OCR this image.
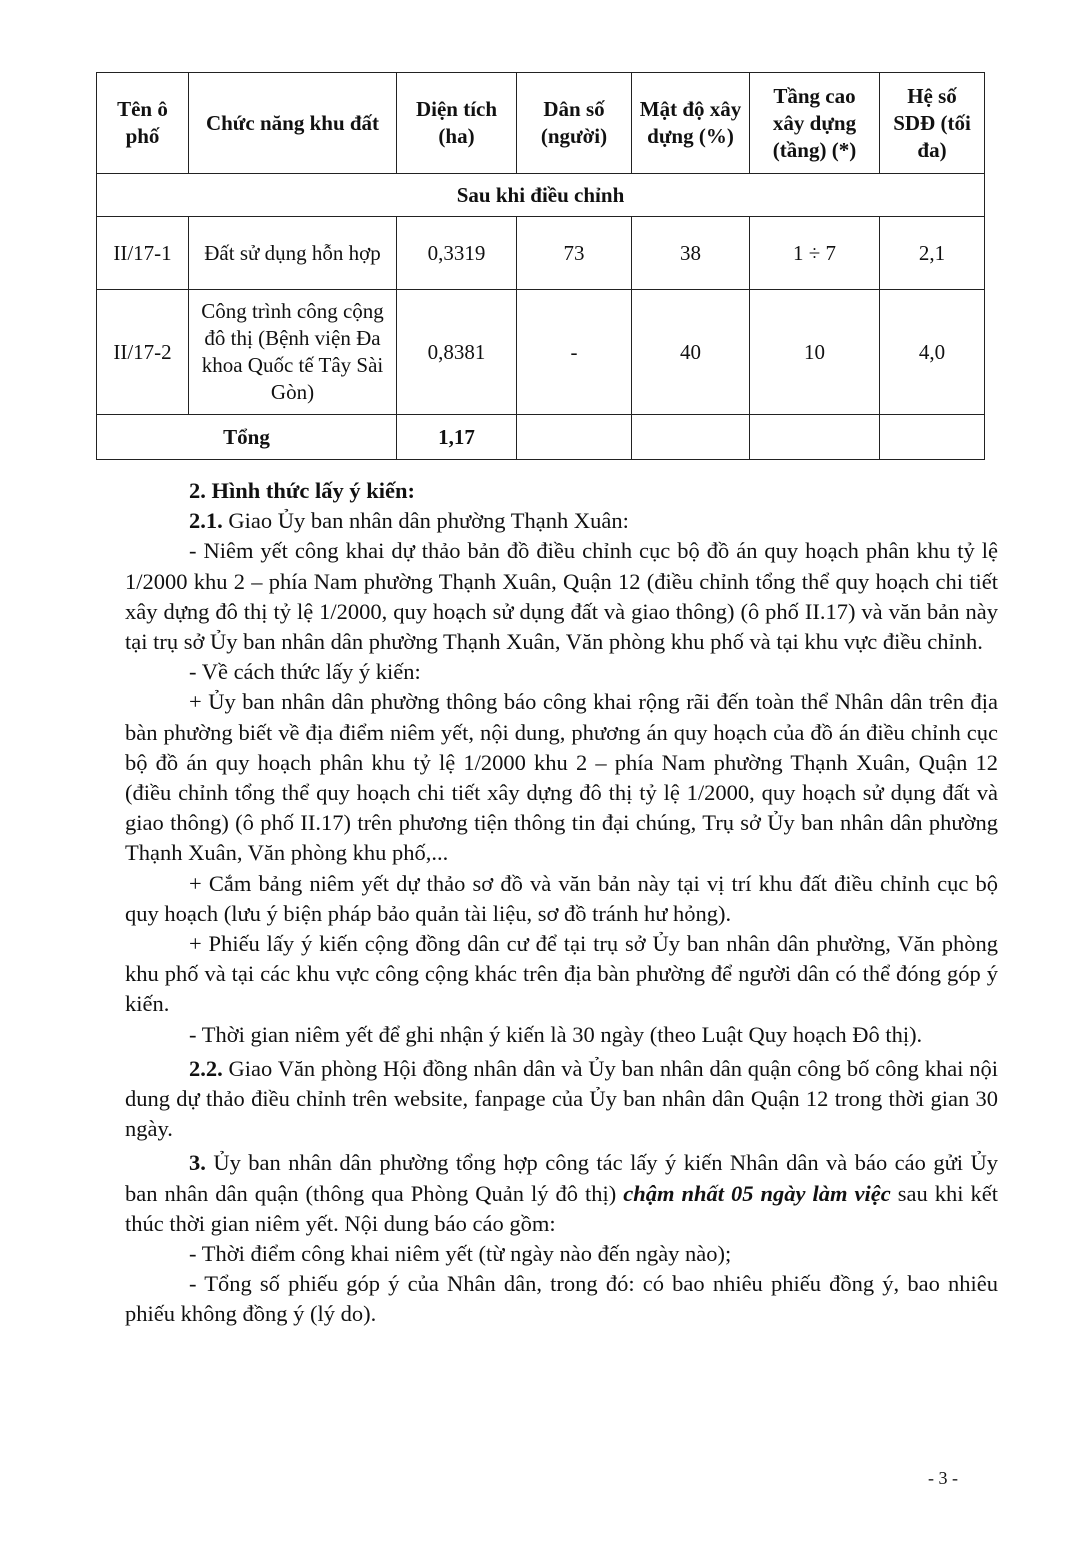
Tên ô phố	Chức năng khu đất	Diện tích (ha)	Dân số (người)	Mật độ xây dựng (%)	Tầng cao xây dựng (tầng) (*)	Hệ số SDĐ (tối đa)
Sau khi điều chỉnh						
II/17-1	Đất sử dụng hỗn hợp	0,3319	73	38	1 ÷ 7	2,1
II/17-2	Công trình công cộng đô thị (Bệnh viện Đa khoa Quốc tế Tây Sài Gòn)	0,8381	-	40	10	4,0
Tổng		1,17				

2. Hình thức lấy ý kiến:

2.1. Giao Ủy ban nhân dân phường Thạnh Xuân:

- Niêm yết công khai dự thảo bản đồ điều chỉnh cục bộ đồ án quy hoạch phân khu tỷ lệ 1/2000 khu 2 – phía Nam phường Thạnh Xuân, Quận 12 (điều chỉnh tổng thể quy hoạch chi tiết xây dựng đô thị tỷ lệ 1/2000, quy hoạch sử dụng đất và giao thông) (ô phố II.17) và văn bản này tại trụ sở Ủy ban nhân dân phường Thạnh Xuân, Văn phòng khu phố và tại khu vực điều chỉnh.

- Về cách thức lấy ý kiến:

+ Ủy ban nhân dân phường thông báo công khai rộng rãi đến toàn thể Nhân dân trên địa bàn phường biết về địa điểm niêm yết, nội dung, phương án quy hoạch của đồ án điều chỉnh cục bộ đồ án quy hoạch phân khu tỷ lệ 1/2000 khu 2 – phía Nam phường Thạnh Xuân, Quận 12 (điều chỉnh tổng thể quy hoạch chi tiết xây dựng đô thị tỷ lệ 1/2000, quy hoạch sử dụng đất và giao thông) (ô phố II.17) trên phương tiện thông tin đại chúng, Trụ sở Ủy ban nhân dân phường Thạnh Xuân, Văn phòng khu phố,...

+ Cắm bảng niêm yết dự thảo sơ đồ và văn bản này tại vị trí khu đất điều chỉnh cục bộ quy hoạch (lưu ý biện pháp bảo quản tài liệu, sơ đồ tránh hư hỏng).

+ Phiếu lấy ý kiến cộng đồng dân cư để tại trụ sở Ủy ban nhân dân phường, Văn phòng khu phố và tại các khu vực công cộng khác trên địa bàn phường để người dân có thể đóng góp ý kiến.

- Thời gian niêm yết để ghi nhận ý kiến là 30 ngày (theo Luật Quy hoạch Đô thị).

2.2. Giao Văn phòng Hội đồng nhân dân và Ủy ban nhân dân quận công bố công khai nội dung dự thảo điều chỉnh trên website, fanpage của Ủy ban nhân dân Quận 12 trong thời gian 30 ngày.

3. Ủy ban nhân dân phường tổng hợp công tác lấy ý kiến Nhân dân và báo cáo gửi Ủy ban nhân dân quận (thông qua Phòng Quản lý đô thị) chậm nhất 05 ngày làm việc sau khi kết thúc thời gian niêm yết. Nội dung báo cáo gồm:

- Thời điểm công khai niêm yết (từ ngày nào đến ngày nào);

- Tổng số phiếu góp ý của Nhân dân, trong đó: có bao nhiêu phiếu đồng ý, bao nhiêu phiếu không đồng ý (lý do).

- 3 -
